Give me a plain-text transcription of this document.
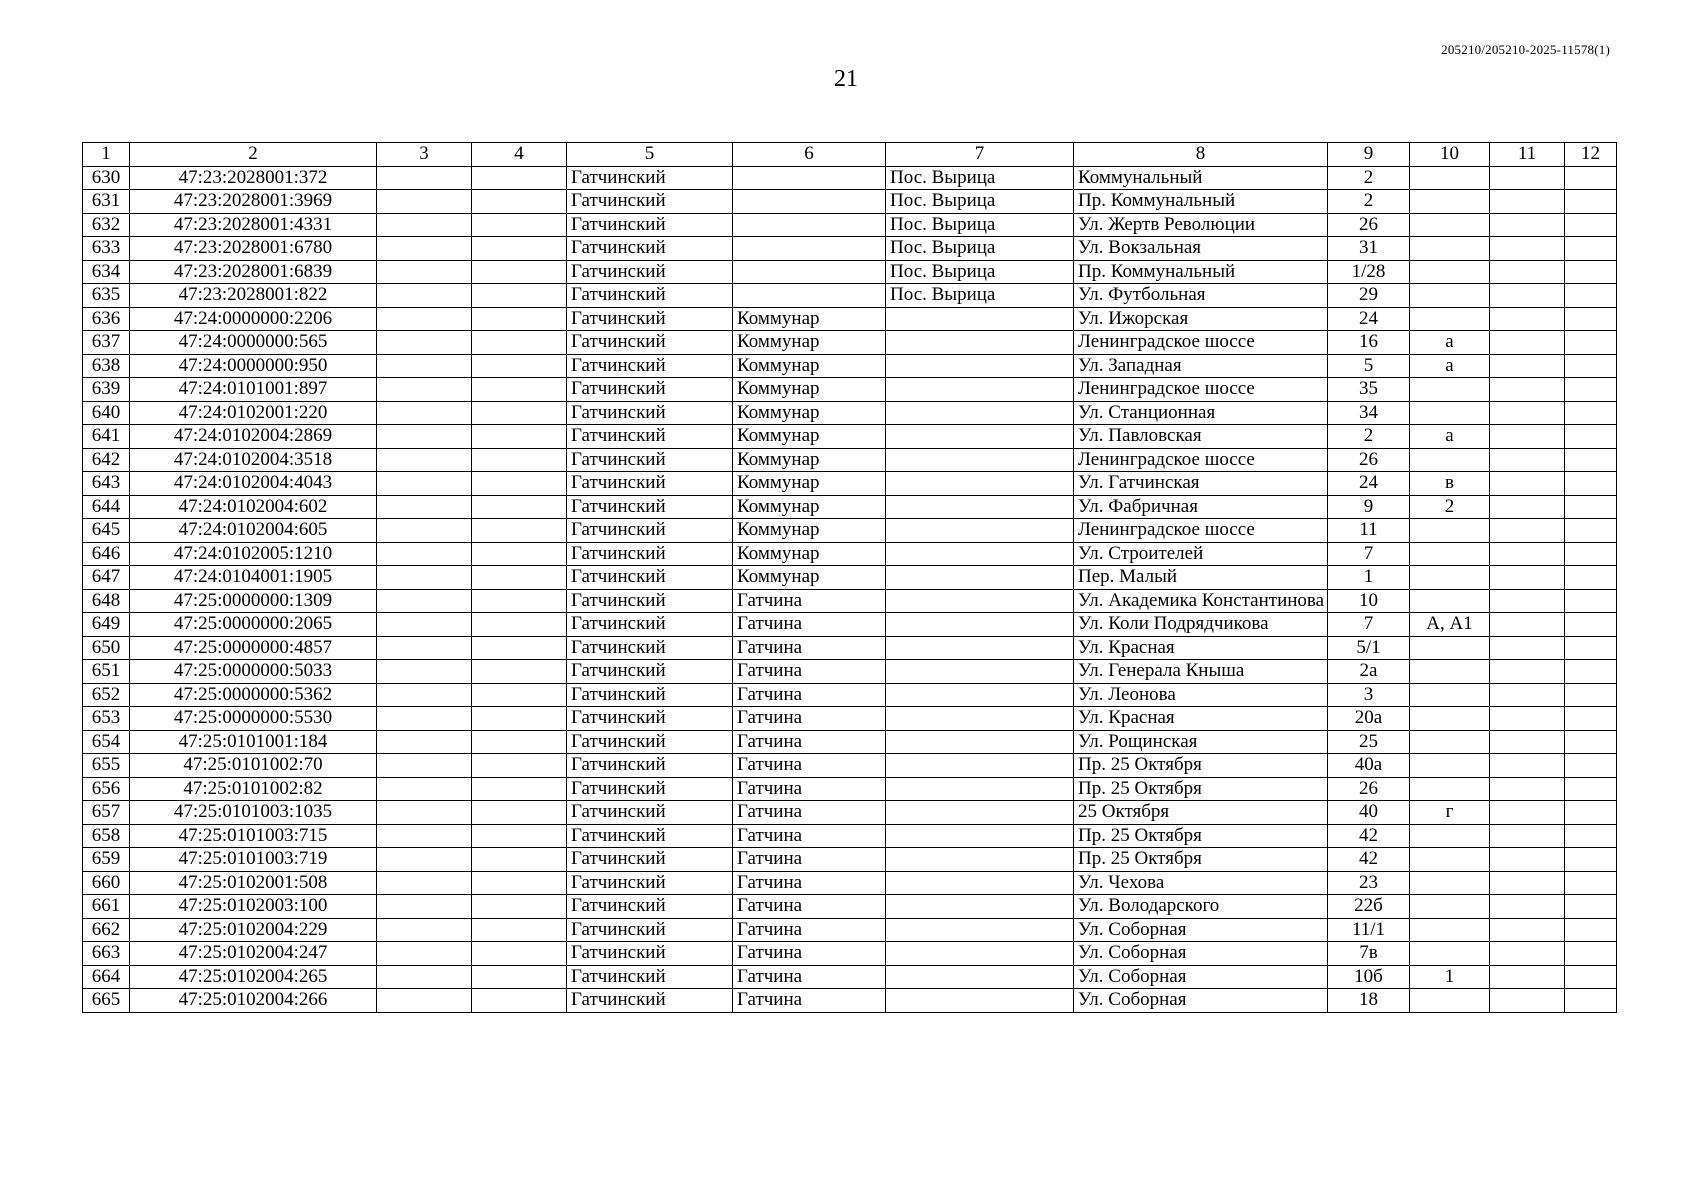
205210/205210-2025-11578(1)
21
1	2	3	4	5	6	7	8	9	10	11	12
630	47:23:2028001:372			Гатчинский		Пос. Вырица	Коммунальный	2			
631	47:23:2028001:3969			Гатчинский		Пос. Вырица	Пр. Коммунальный	2			
632	47:23:2028001:4331			Гатчинский		Пос. Вырица	Ул. Жертв Революции	26			
633	47:23:2028001:6780			Гатчинский		Пос. Вырица	Ул. Вокзальная	31			
634	47:23:2028001:6839			Гатчинский		Пос. Вырица	Пр. Коммунальный	1/28			
635	47:23:2028001:822			Гатчинский		Пос. Вырица	Ул. Футбольная	29			
636	47:24:0000000:2206			Гатчинский	Коммунар		Ул. Ижорская	24			
637	47:24:0000000:565			Гатчинский	Коммунар		Ленинградское шоссе	16	а		
638	47:24:0000000:950			Гатчинский	Коммунар		Ул. Западная	5	а		
639	47:24:0101001:897			Гатчинский	Коммунар		Ленинградское шоссе	35			
640	47:24:0102001:220			Гатчинский	Коммунар		Ул. Станционная	34			
641	47:24:0102004:2869			Гатчинский	Коммунар		Ул. Павловская	2	а		
642	47:24:0102004:3518			Гатчинский	Коммунар		Ленинградское шоссе	26			
643	47:24:0102004:4043			Гатчинский	Коммунар		Ул. Гатчинская	24	в		
644	47:24:0102004:602			Гатчинский	Коммунар		Ул. Фабричная	9	2		
645	47:24:0102004:605			Гатчинский	Коммунар		Ленинградское шоссе	11			
646	47:24:0102005:1210			Гатчинский	Коммунар		Ул. Строителей	7			
647	47:24:0104001:1905			Гатчинский	Коммунар		Пер. Малый	1			
648	47:25:0000000:1309			Гатчинский	Гатчина		Ул. Академика Константинова	10			
649	47:25:0000000:2065			Гатчинский	Гатчина		Ул. Коли Подрядчикова	7	А, А1		
650	47:25:0000000:4857			Гатчинский	Гатчина		Ул. Красная	5/1			
651	47:25:0000000:5033			Гатчинский	Гатчина		Ул. Генерала Кныша	2а			
652	47:25:0000000:5362			Гатчинский	Гатчина		Ул. Леонова	3			
653	47:25:0000000:5530			Гатчинский	Гатчина		Ул. Красная	20а			
654	47:25:0101001:184			Гатчинский	Гатчина		Ул. Рощинская	25			
655	47:25:0101002:70			Гатчинский	Гатчина		Пр. 25 Октября	40а			
656	47:25:0101002:82			Гатчинский	Гатчина		Пр. 25 Октября	26			
657	47:25:0101003:1035			Гатчинский	Гатчина		25 Октября	40	г		
658	47:25:0101003:715			Гатчинский	Гатчина		Пр. 25 Октября	42			
659	47:25:0101003:719			Гатчинский	Гатчина		Пр. 25 Октября	42			
660	47:25:0102001:508			Гатчинский	Гатчина		Ул. Чехова	23			
661	47:25:0102003:100			Гатчинский	Гатчина		Ул. Володарского	22б			
662	47:25:0102004:229			Гатчинский	Гатчина		Ул. Соборная	11/1			
663	47:25:0102004:247			Гатчинский	Гатчина		Ул. Соборная	7в			
664	47:25:0102004:265			Гатчинский	Гатчина		Ул. Соборная	10б	1		
665	47:25:0102004:266			Гатчинский	Гатчина		Ул. Соборная	18			
